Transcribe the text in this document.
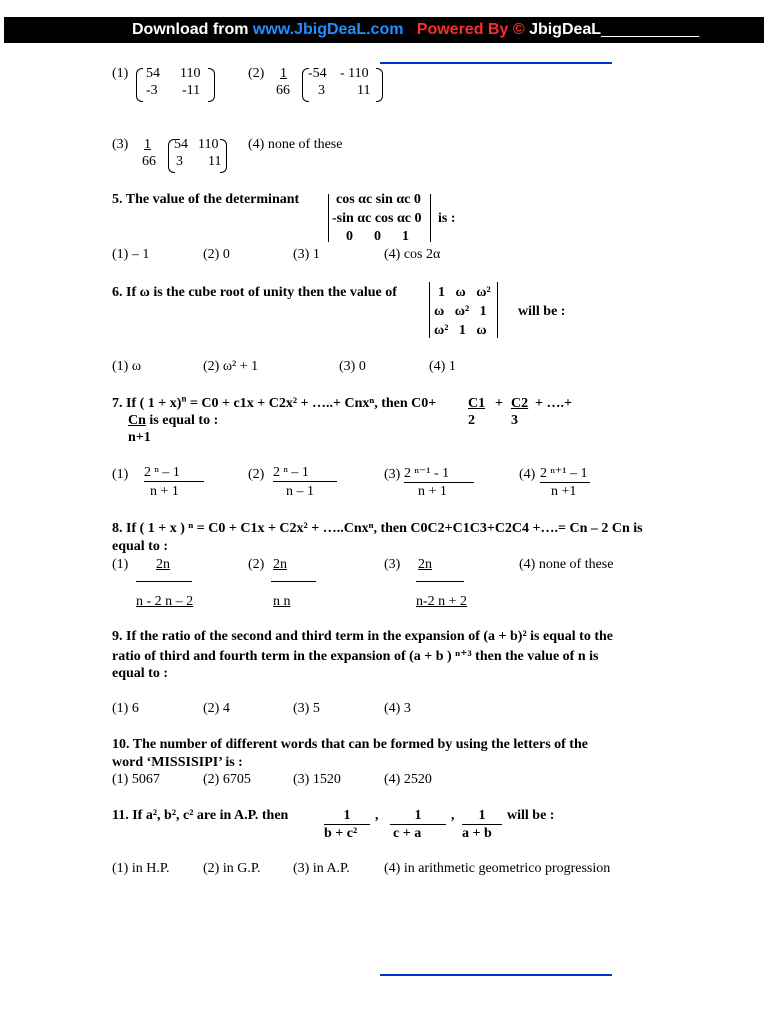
Download from www.JbigDeaL.com Powered By © JbigDeaL___________
(1) 54 110
-3 -11
(2) 1
66
-54 - 110
3 11
(3) 1
66
54 110
3 11
(4) none of these
5. The value of the determinant	cos αc sin αc 0
-sin αc cos αc 0
0      0      1
is :
(1) – 1	(2) 0	(3) 1	(4) cos 2α
6. If ω is the cube root of unity then the value of	1   ω   ω²
ω   ω²   1
ω²   1   ω
will be :
(1) ω	(2) ω² + 1	(3) 0	(4) 1
7. If ( 1 + x)$^n$ = C0 + c1x + C2x² + …..+ Cnxⁿ, then C0+ C1
2
+ C2
3
+ ….+
Cn is equal to :
n+1
(1) 2 ⁿ – 1
n + 1
(2) 2 ⁿ – 1
n – 1
(3) 2 ⁿ⁻¹ - 1
n + 1
(4) 2 ⁿ⁺¹ – 1
n +1
8. If ( 1 + x ) ⁿ = C0 + C1x + C2x² + …..Cnxⁿ, then C0C2+C1C3+C2C4 +….= Cn – 2 Cn is
equal to :
(1) 2n
n - 2 n – 2
(2) 2n
n n
(3) 2n
n-2 n + 2
(4) none of these
9. If the ratio of the second and third term in the expansion of (a + b)² is equal to the
ratio of third and fourth term in the expansion of (a + b ) ⁿ⁺³ then the value of n is
equal to :
(1) 6	(2) 4	(3) 5	(4) 3
10. The number of different words that can be formed by using the letters of the
word ‘MISSISIPI’ is :
(1) 5067	(2) 6705	(3) 1520	(4) 2520
11. If a², b², c² are in A.P. then	1
b + c²
,	1
c + a
,	1
a + b
will be :
(1) in H.P. (2) in G.P. (3) in A.P. (4) in arithmetic geometrico progression
